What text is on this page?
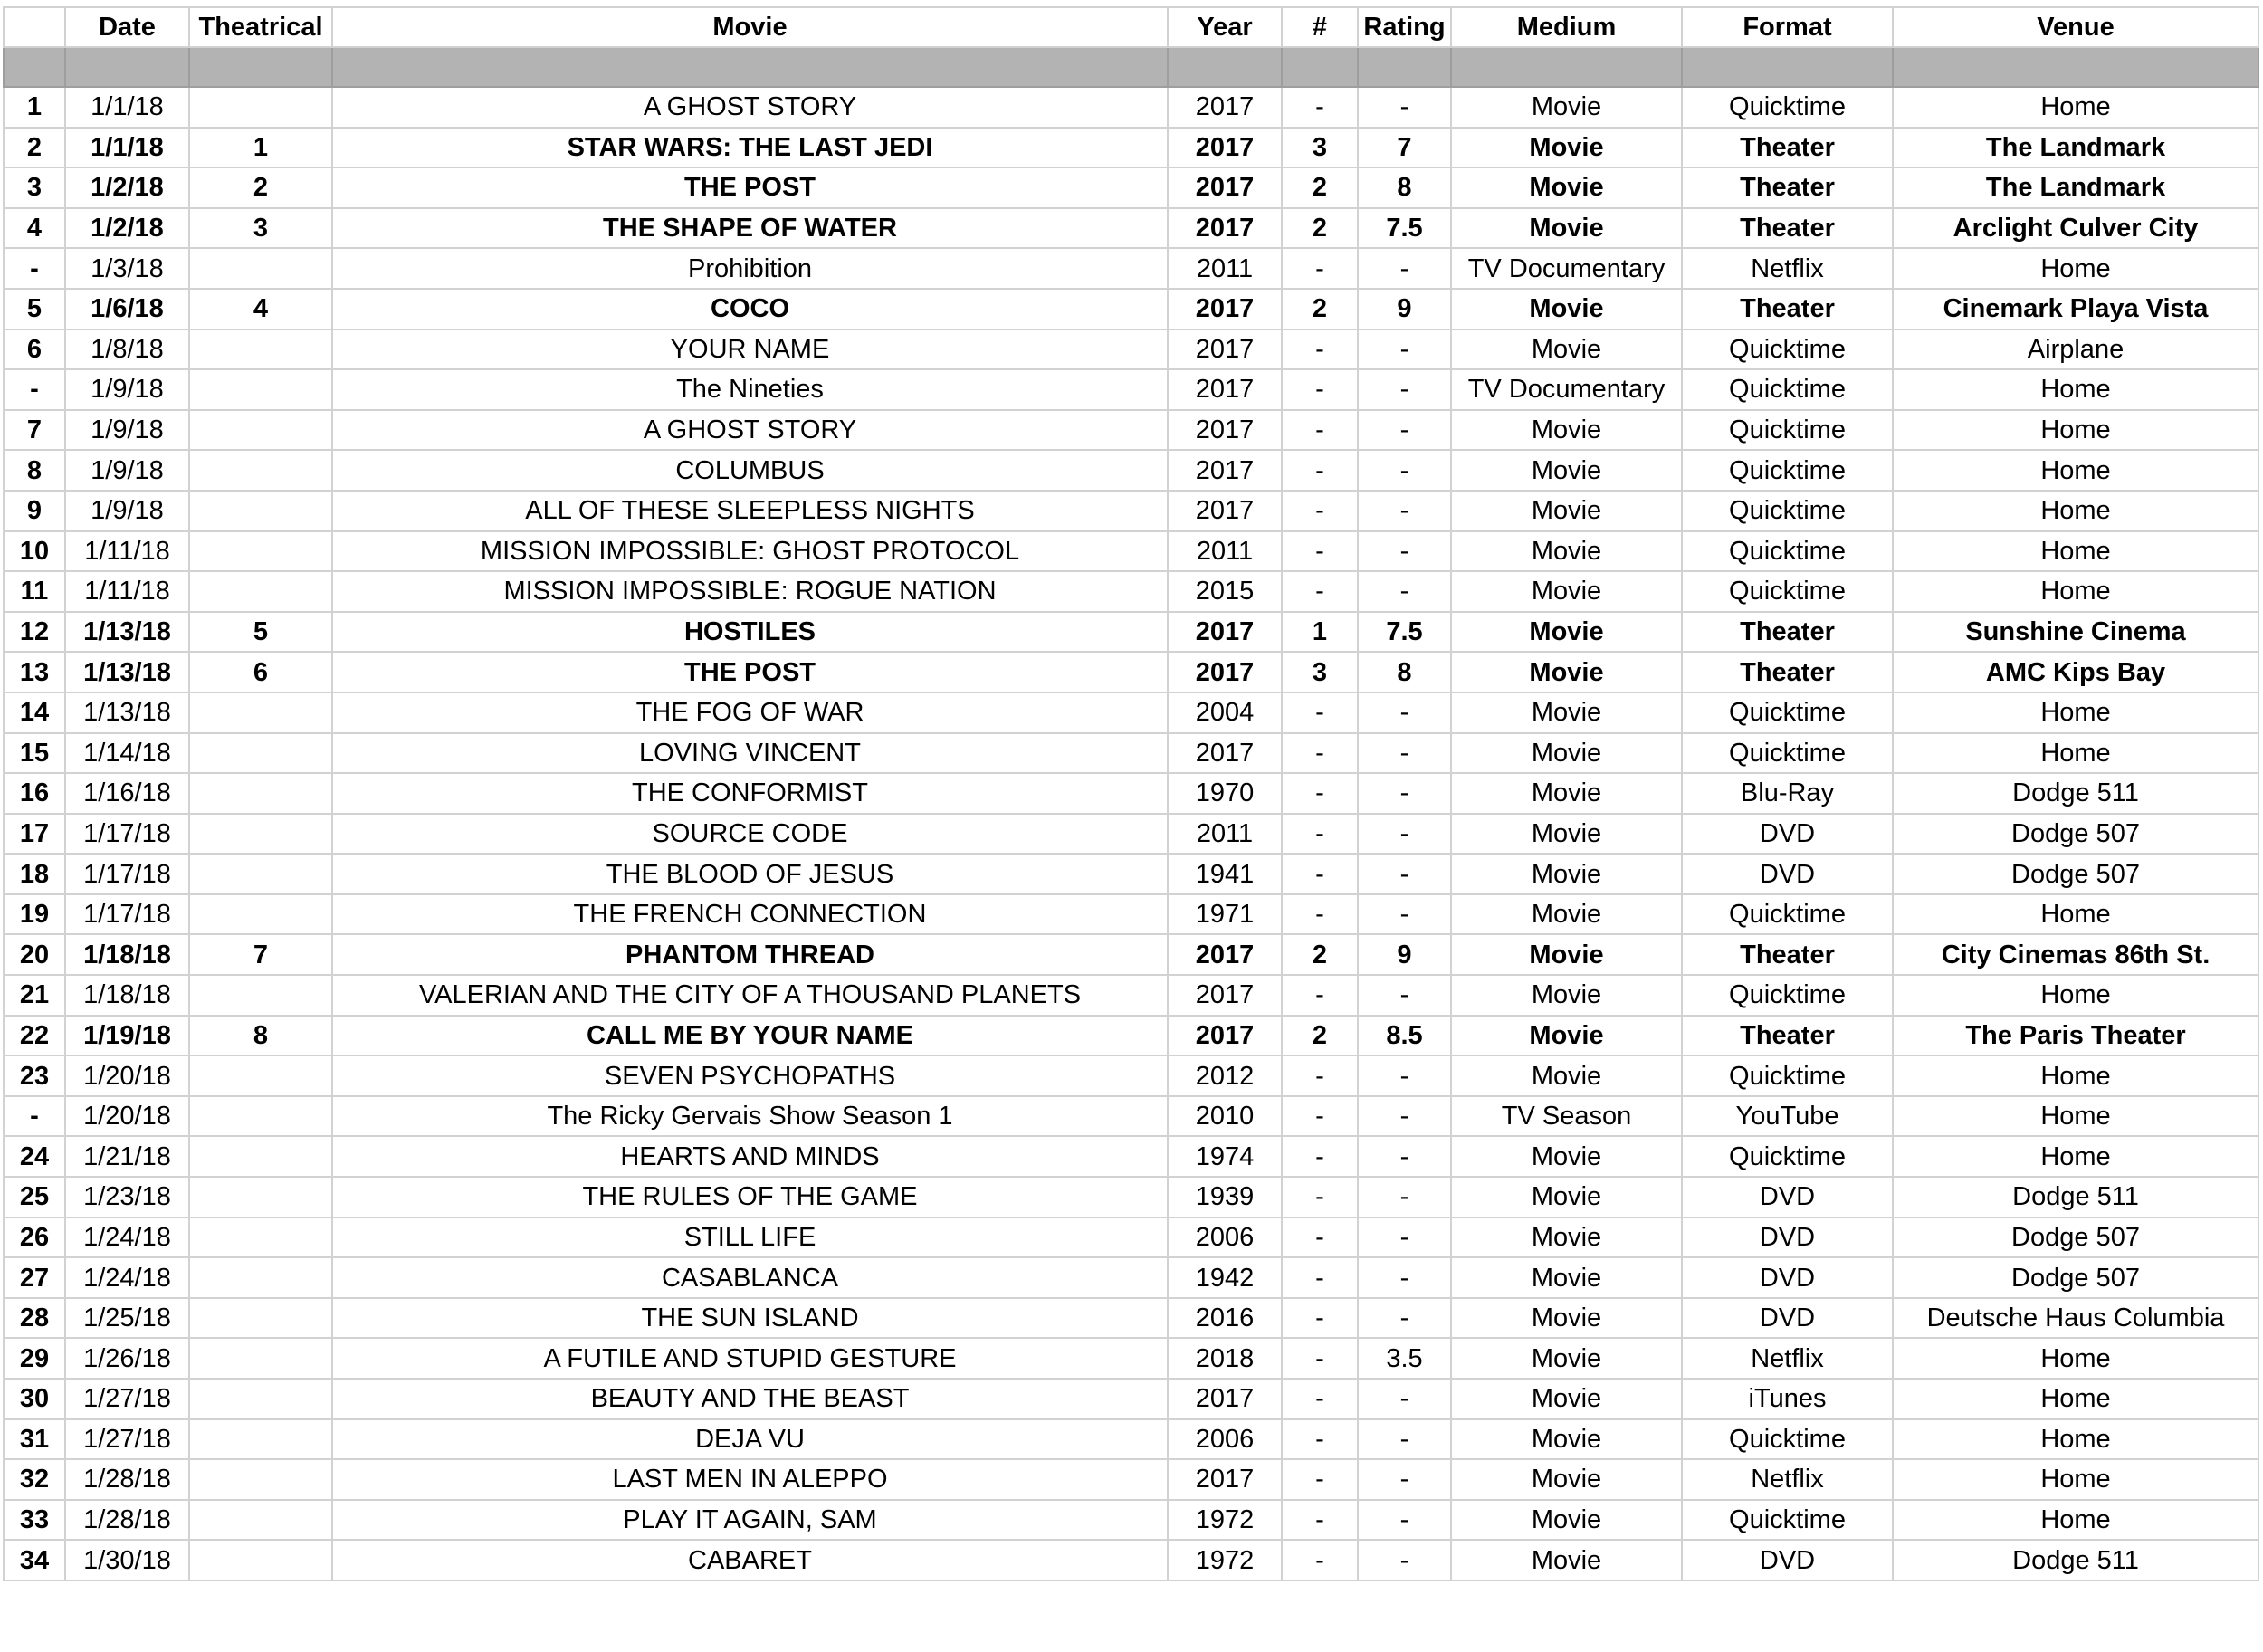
	Date	Theatrical	Movie	Year	#	Rating	Medium	Format	Venue

1	1/1/18		A GHOST STORY	2017	-	-	Movie	Quicktime	Home
2	1/1/18	1	STAR WARS: THE LAST JEDI	2017	3	7	Movie	Theater	The Landmark
3	1/2/18	2	THE POST	2017	2	8	Movie	Theater	The Landmark
4	1/2/18	3	THE SHAPE OF WATER	2017	2	7.5	Movie	Theater	Arclight Culver City
-	1/3/18		Prohibition	2011	-	-	TV Documentary	Netflix	Home
5	1/6/18	4	COCO	2017	2	9	Movie	Theater	Cinemark Playa Vista
6	1/8/18		YOUR NAME	2017	-	-	Movie	Quicktime	Airplane
-	1/9/18		The Nineties	2017	-	-	TV Documentary	Quicktime	Home
7	1/9/18		A GHOST STORY	2017	-	-	Movie	Quicktime	Home
8	1/9/18		COLUMBUS	2017	-	-	Movie	Quicktime	Home
9	1/9/18		ALL OF THESE SLEEPLESS NIGHTS	2017	-	-	Movie	Quicktime	Home
10	1/11/18		MISSION IMPOSSIBLE: GHOST PROTOCOL	2011	-	-	Movie	Quicktime	Home
11	1/11/18		MISSION IMPOSSIBLE: ROGUE NATION	2015	-	-	Movie	Quicktime	Home
12	1/13/18	5	HOSTILES	2017	1	7.5	Movie	Theater	Sunshine Cinema
13	1/13/18	6	THE POST	2017	3	8	Movie	Theater	AMC Kips Bay
14	1/13/18		THE FOG OF WAR	2004	-	-	Movie	Quicktime	Home
15	1/14/18		LOVING VINCENT	2017	-	-	Movie	Quicktime	Home
16	1/16/18		THE CONFORMIST	1970	-	-	Movie	Blu-Ray	Dodge 511
17	1/17/18		SOURCE CODE	2011	-	-	Movie	DVD	Dodge 507
18	1/17/18		THE BLOOD OF JESUS	1941	-	-	Movie	DVD	Dodge 507
19	1/17/18		THE FRENCH CONNECTION	1971	-	-	Movie	Quicktime	Home
20	1/18/18	7	PHANTOM THREAD	2017	2	9	Movie	Theater	City Cinemas 86th St.
21	1/18/18		VALERIAN AND THE CITY OF A THOUSAND PLANETS	2017	-	-	Movie	Quicktime	Home
22	1/19/18	8	CALL ME BY YOUR NAME	2017	2	8.5	Movie	Theater	The Paris Theater
23	1/20/18		SEVEN PSYCHOPATHS	2012	-	-	Movie	Quicktime	Home
-	1/20/18		The Ricky Gervais Show Season 1	2010	-	-	TV Season	YouTube	Home
24	1/21/18		HEARTS AND MINDS	1974	-	-	Movie	Quicktime	Home
25	1/23/18		THE RULES OF THE GAME	1939	-	-	Movie	DVD	Dodge 511
26	1/24/18		STILL LIFE	2006	-	-	Movie	DVD	Dodge 507
27	1/24/18		CASABLANCA	1942	-	-	Movie	DVD	Dodge 507
28	1/25/18		THE SUN ISLAND	2016	-	-	Movie	DVD	Deutsche Haus Columbia
29	1/26/18		A FUTILE AND STUPID GESTURE	2018	-	3.5	Movie	Netflix	Home
30	1/27/18		BEAUTY AND THE BEAST	2017	-	-	Movie	iTunes	Home
31	1/27/18		DEJA VU	2006	-	-	Movie	Quicktime	Home
32	1/28/18		LAST MEN IN ALEPPO	2017	-	-	Movie	Netflix	Home
33	1/28/18		PLAY IT AGAIN, SAM	1972	-	-	Movie	Quicktime	Home
34	1/30/18		CABARET	1972	-	-	Movie	DVD	Dodge 511
